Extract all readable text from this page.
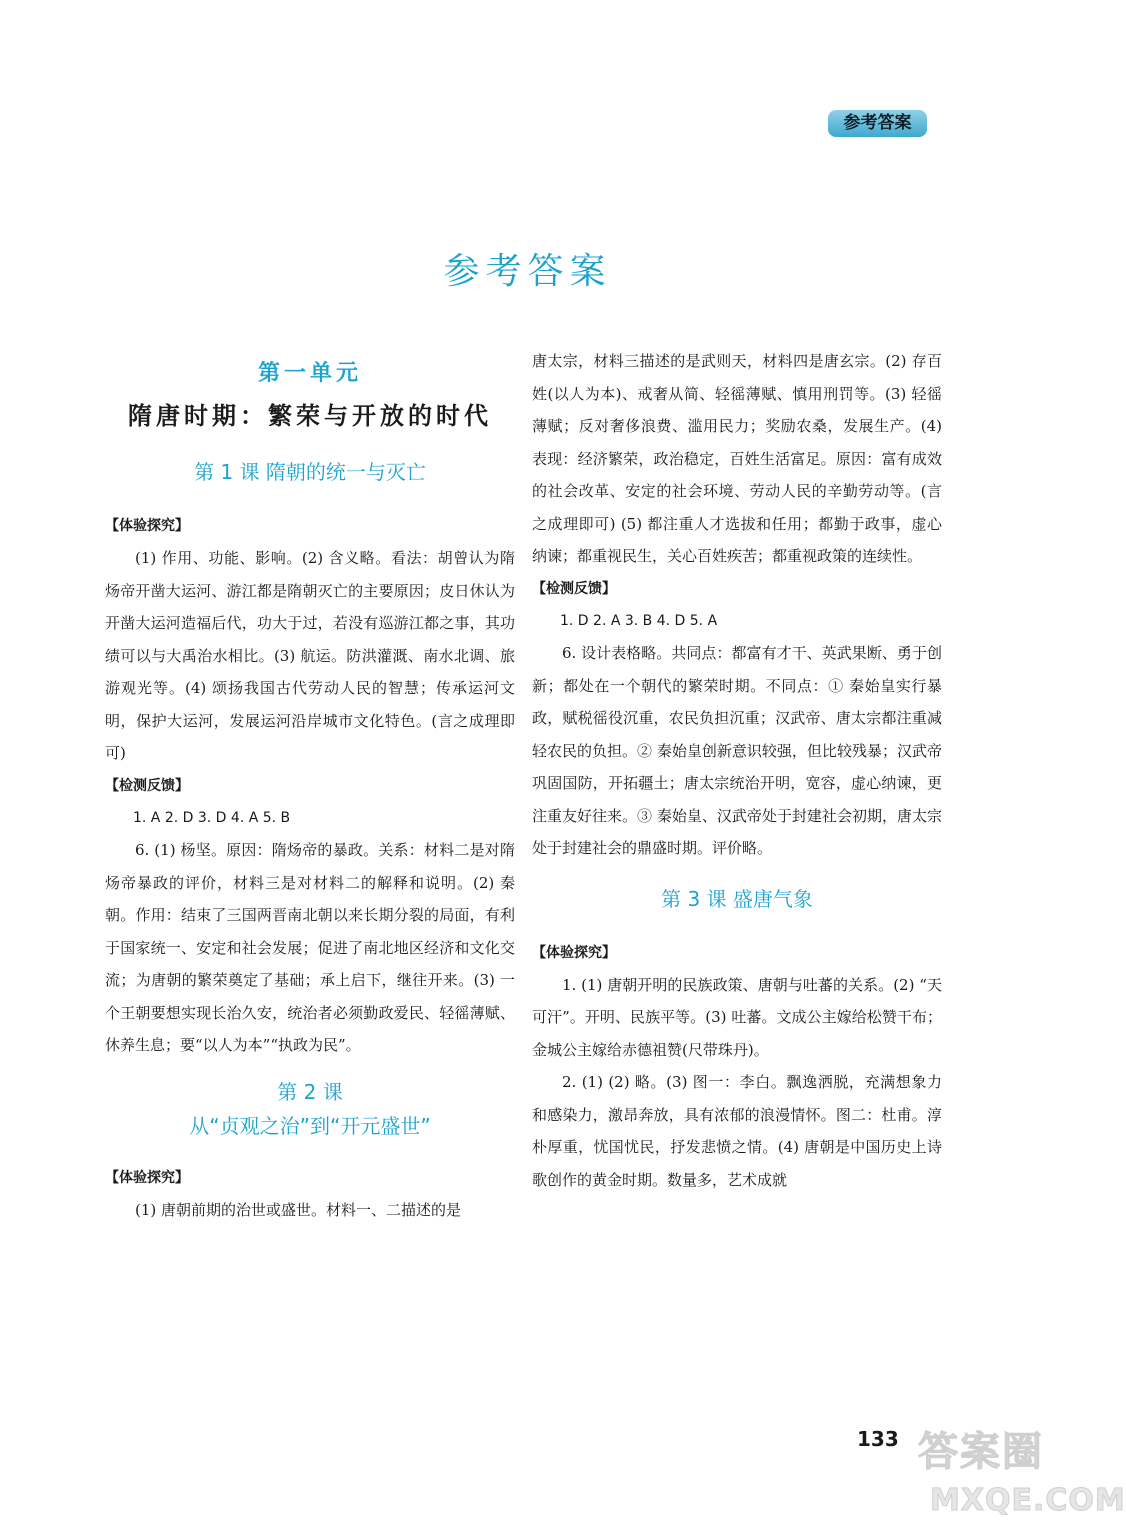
参考答案
参考答案
第一单元
隋唐时期：繁荣与开放的时代
第 1 课 隋朝的统一与灭亡
【体验探究】
(1) 作用、功能、影响。(2) 含义略。看法：胡曾认为隋炀帝开凿大运河、游江都是隋朝灭亡的主要原因；皮日休认为开凿大运河造福后代，功大于过，若没有巡游江都之事，其功绩可以与大禹治水相比。(3) 航运。防洪灌溉、南水北调、旅游观光等。(4) 颂扬我国古代劳动人民的智慧；传承运河文明，保护大运河，发展运河沿岸城市文化特色。(言之成理即可)
【检测反馈】
1. A 2. D 3. D 4. A 5. B
6. (1) 杨坚。原因：隋炀帝的暴政。关系：材料二是对隋炀帝暴政的评价，材料三是对材料二的解释和说明。(2) 秦朝。作用：结束了三国两晋南北朝以来长期分裂的局面，有利于国家统一、安定和社会发展；促进了南北地区经济和文化交流；为唐朝的繁荣奠定了基础；承上启下，继往开来。(3) 一个王朝要想实现长治久安，统治者必须勤政爱民、轻徭薄赋、休养生息；要“以人为本”“执政为民”。
第 2 课
从“贞观之治”到“开元盛世”
【体验探究】
(1) 唐朝前期的治世或盛世。材料一、二描述的是
唐太宗，材料三描述的是武则天，材料四是唐玄宗。(2) 存百姓(以人为本)、戒奢从简、轻徭薄赋、慎用刑罚等。(3) 轻徭薄赋；反对奢侈浪费、滥用民力；奖励农桑，发展生产。(4) 表现：经济繁荣，政治稳定，百姓生活富足。原因：富有成效的社会改革、安定的社会环境、劳动人民的辛勤劳动等。(言之成理即可) (5) 都注重人才选拔和任用；都勤于政事，虚心纳谏；都重视民生，关心百姓疾苦；都重视政策的连续性。
【检测反馈】
1. D 2. A 3. B 4. D 5. A
6. 设计表格略。共同点：都富有才干、英武果断、勇于创新；都处在一个朝代的繁荣时期。不同点：① 秦始皇实行暴政，赋税徭役沉重，农民负担沉重；汉武帝、唐太宗都注重减轻农民的负担。② 秦始皇创新意识较强，但比较残暴；汉武帝巩固国防，开拓疆土；唐太宗统治开明，宽容，虚心纳谏，更注重友好往来。③ 秦始皇、汉武帝处于封建社会初期，唐太宗处于封建社会的鼎盛时期。评价略。
第 3 课 盛唐气象
【体验探究】
1. (1) 唐朝开明的民族政策、唐朝与吐蕃的关系。(2) “天可汗”。开明、民族平等。(3) 吐蕃。文成公主嫁给松赞干布；金城公主嫁给赤德祖赞(尺带珠丹)。
2. (1) (2) 略。(3) 图一：李白。飘逸洒脱，充满想象力和感染力，激昂奔放，具有浓郁的浪漫情怀。图二：杜甫。淳朴厚重，忧国忧民，抒发悲愤之情。(4) 唐朝是中国历史上诗歌创作的黄金时期。数量多，艺术成就
133 答案圈
MXQE.COM
